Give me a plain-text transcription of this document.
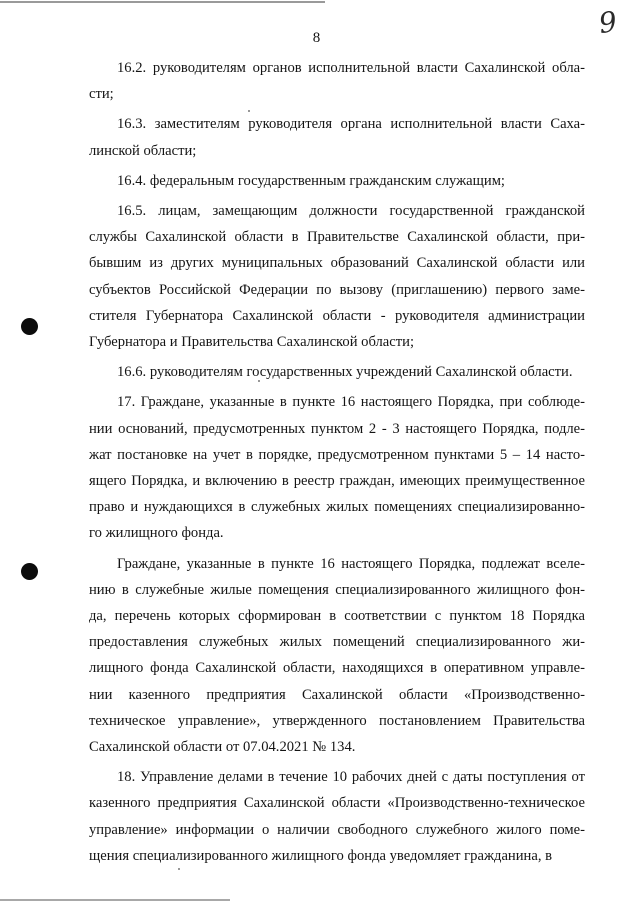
8	9

16.2. руководителям органов исполнительной власти Сахалинской обла-
сти;

16.3. заместителям руководителя органа исполнительной власти Саха-
линской области;

16.4. федеральным государственным гражданским служащим;

16.5. лицам, замещающим должности государственной гражданской
службы Сахалинской области в Правительстве Сахалинской области, при-
бывшим из других муниципальных образований Сахалинской области или
субъектов Российской Федерации по вызову (приглашению) первого заме-
стителя Губернатора Сахалинской области - руководителя администрации
Губернатора и Правительства Сахалинской области;

16.6. руководителям государственных учреждений Сахалинской области.

17. Граждане, указанные в пункте 16 настоящего Порядка, при соблюде-
нии оснований, предусмотренных пунктом 2 - 3 настоящего Порядка, подле-
жат постановке на учет в порядке, предусмотренном пунктами 5 – 14 насто-
ящего Порядка, и включению в реестр граждан, имеющих преимущественное
право и нуждающихся в служебных жилых помещениях специализированно-
го жилищного фонда.

Граждане, указанные в пункте 16 настоящего Порядка, подлежат вселе-
нию в служебные жилые помещения специализированного жилищного фон-
да, перечень которых сформирован в соответствии с пунктом 18 Порядка
предоставления служебных жилых помещений специализированного жи-
лищного фонда Сахалинской области, находящихся в оперативном управле-
нии казенного предприятия Сахалинской области «Производственно-
техническое управление», утвержденного постановлением Правительства
Сахалинской области от 07.04.2021 № 134.

18. Управление делами в течение 10 рабочих дней с даты поступления от
казенного предприятия Сахалинской области «Производственно-техническое
управление» информации о наличии свободного служебного жилого поме-
щения специализированного жилищного фонда уведомляет гражданина, в
